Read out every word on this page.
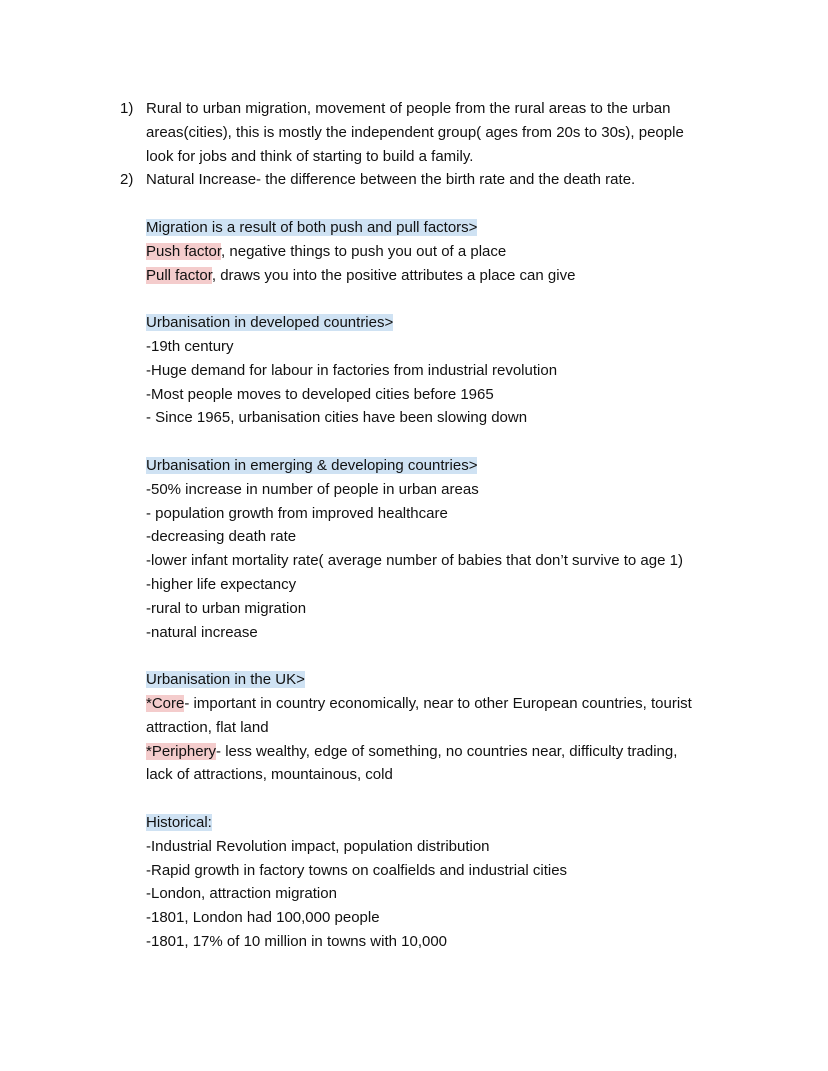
1) Rural to urban migration, movement of people from the rural areas to the urban
areas(cities), this is mostly the independent group( ages from 20s to 30s), people
look for jobs and think of starting to build a family.
2) Natural Increase- the difference between the birth rate and the death rate.
Migration is a result of both push and pull factors>
Push factor, negative things to push you out of a place
Pull factor, draws you into the positive attributes a place can give
Urbanisation in developed countries>
-19th century
-Huge demand for labour in factories from industrial revolution
-Most people moves to developed cities before 1965
- Since 1965, urbanisation cities have been slowing down
Urbanisation in emerging & developing countries>
-50% increase in number of people in urban areas
- population growth from improved healthcare
-decreasing death rate
-lower infant mortality rate( average number of babies that don’t survive to age 1)
-higher life expectancy
-rural to urban migration
-natural increase
Urbanisation in the UK>
*Core- important in country economically, near to other European countries, tourist
attraction, flat land
*Periphery- less wealthy, edge of something, no countries near, difficulty trading,
lack of attractions, mountainous, cold
Historical:
-Industrial Revolution impact, population distribution
-Rapid growth in factory towns on coalfields and industrial cities
-London, attraction migration
-1801, London had 100,000 people
-1801, 17% of 10 million in towns with 10,000
